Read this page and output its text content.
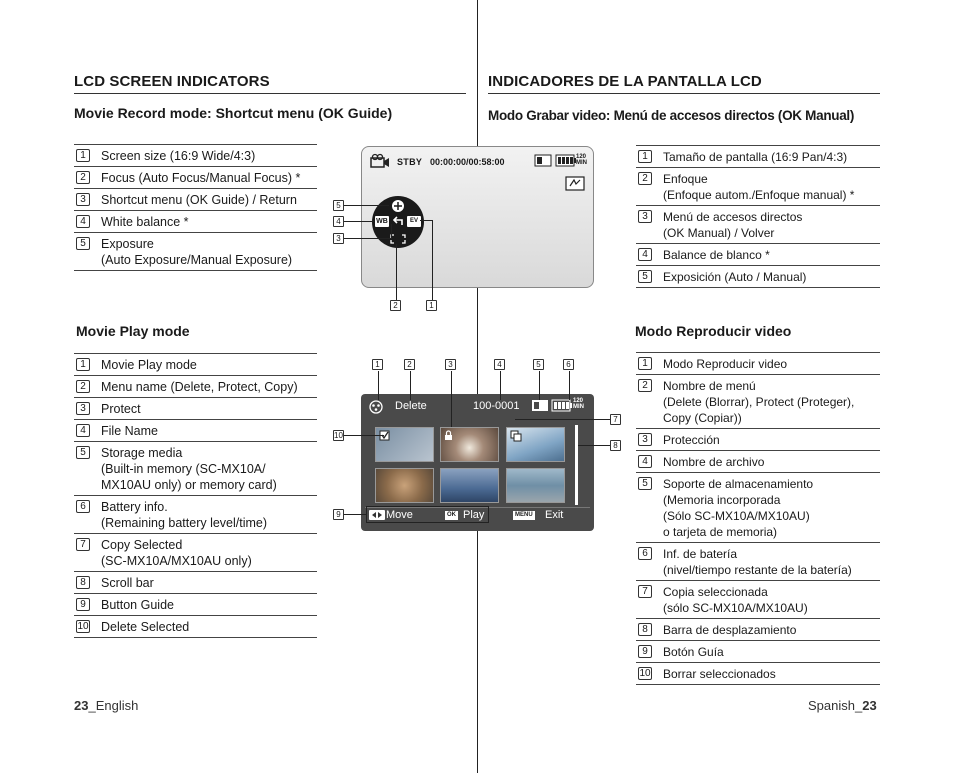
LCD SCREEN INDICATORS
Movie Record mode: Shortcut menu (OK Guide)
1	Screen size (16:9 Wide/4:3)
2	Focus (Auto Focus/Manual Focus) *
3	Shortcut menu (OK Guide) / Return
4	White balance *
5	Exposure
(Auto Exposure/Manual Exposure)
Movie Play mode
1	Movie Play mode
2	Menu name (Delete, Protect, Copy)
3	Protect
4	File Name
5	Storage media
(Built-in memory (SC-MX10A/
MX10AU only) or memory card)
6	Battery info.
(Remaining battery level/time)
7	Copy Selected
(SC-MX10A/MX10AU only)
8	Scroll bar
9	Button Guide
10 Delete Selected
23_English
INDICADORES DE LA PANTALLA LCD
Modo Grabar video: Menú de accesos directos (OK Manual)
1	Tamaño de pantalla (16:9 Pan/4:3)
2	Enfoque
(Enfoque autom./Enfoque manual) *
3	Menú de accesos directos
(OK Manual) / Volver
4	Balance de blanco *
5	Exposición (Auto / Manual)
Modo Reproducir video
1	Modo Reproducir video
2	Nombre de menú
(Delete (Blorrar), Protect (Proteger),
Copy (Copiar))
3	Protección
4	Nombre de archivo
5	Soporte de almacenamiento
(Memoria incorporada
(Sólo SC-MX10A/MX10AU)
o tarjeta de memoria)
6	Inf. de batería
(nivel/tiempo restante de la batería)
7	Copia seleccionada
(sólo SC-MX10A/MX10AU)
8	Barra de desplazamiento
9	Botón Guía
10 Borrar seleccionados
Spanish_23
STBY 00:00:00/00:58:00	120
MIN
WB	EV
5
4
3
2	1
Delete	100-0001	120
MIN
Move	OK Play	MENU Exit
1	2	3	4	5	6
7
8
10
9
